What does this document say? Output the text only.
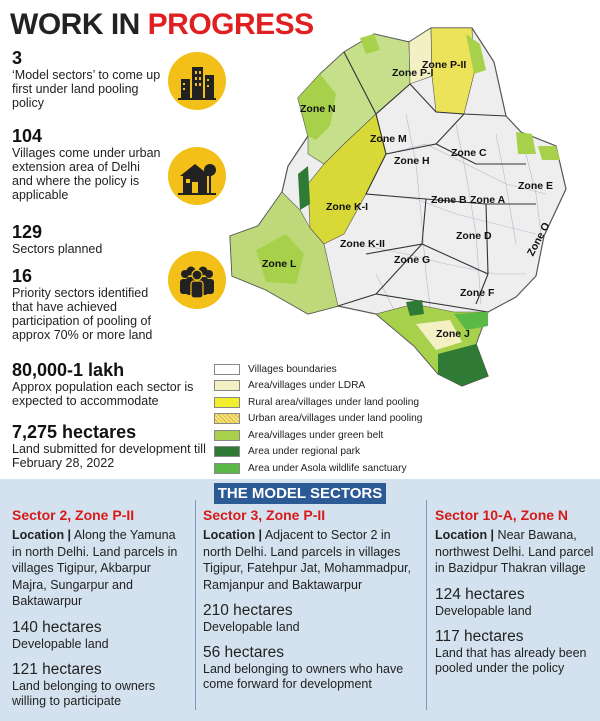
WORK IN PROGRESS
3
‘Model sectors’ to come up first under land pooling policy
104
Villages come under urban extension area of Delhi and where the policy is applicable
129
Sectors planned
16
Priority sectors identified that have achieved participation of pooling of approx 70% or more land
80,000-1 lakh
Approx population each sector is expected to accommodate
7,275 hectares
Land submitted for development till February 28, 2022
Zone P-I
Zone P-II
Zone N
Zone M
Zone C
Zone H
Zone E
Zone B Zone A
Zone K-I
Zone D	Zone O
Zone K-II
Zone G
Zone L
Zone F
Zone J
Villages boundaries
Area/villages under LDRA
Rural area/villages under land pooling
Urban area/villages under land pooling
Area/villages under green belt
Area under regional park
Area under Asola wildlife sanctuary
THE MODEL SECTORS
Sector 2, Zone P-II
Location | Along the Yamuna in north Delhi. Land parcels in villages Tigipur, Akbarpur Majra, Sungarpur and Baktawarpur
140 hectares
Developable land
121 hectares
Land belonging to owners willing to participate
Sector 3, Zone P-II
Location | Adjacent to Sector 2 in north Delhi. Land parcels in villages Tigipur, Fatehpur Jat, Mohammadpur, Ramjanpur and Baktawarpur
210 hectares
Developable land
56 hectares
Land belonging to owners who have come forward for development
Sector 10-A, Zone N
Location | Near Bawana, northwest Delhi. Land parcel in Bazidpur Thakran village
124 hectares
Developable land
117 hectares
Land that has already been pooled under the policy
